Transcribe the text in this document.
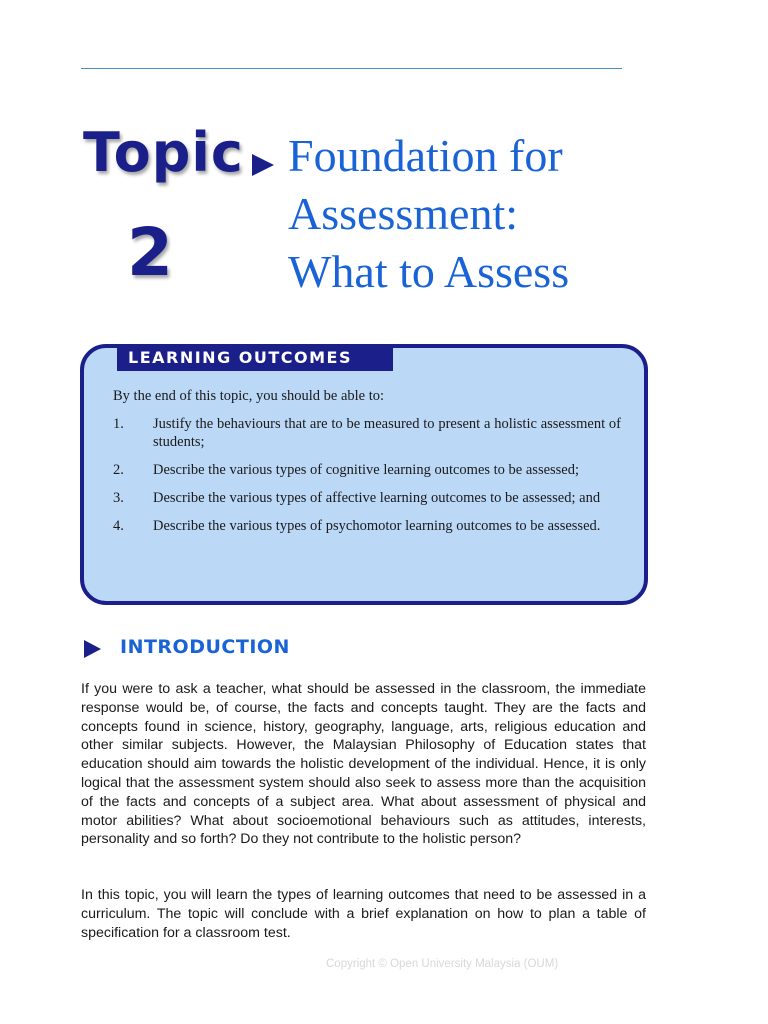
Topic
2
Foundation for
Assessment:
What to Assess
LEARNING OUTCOMES
By the end of this topic, you should be able to:
1. Justify the behaviours that are to be measured to present a holistic assessment of students;
2. Describe the various types of cognitive learning outcomes to be assessed;
3. Describe the various types of affective learning outcomes to be assessed; and
4. Describe the various types of psychomotor learning outcomes to be assessed.
INTRODUCTION

If you were to ask a teacher, what should be assessed in the classroom, the immediate response would be, of course, the facts and concepts taught. They are the facts and concepts found in science, history, geography, language, arts, religious education and other similar subjects. However, the Malaysian Philosophy of Education states that education should aim towards the holistic development of the individual. Hence, it is only logical that the assessment system should also seek to assess more than the acquisition of the facts and concepts of a subject area. What about assessment of physical and motor abilities? What about socioemotional behaviours such as attitudes, interests, personality and so forth? Do they not contribute to the holistic person?

In this topic, you will learn the types of learning outcomes that need to be assessed in a curriculum. The topic will conclude with a brief explanation on how to plan a table of specification for a classroom test.

Copyright © Open University Malaysia (OUM)
